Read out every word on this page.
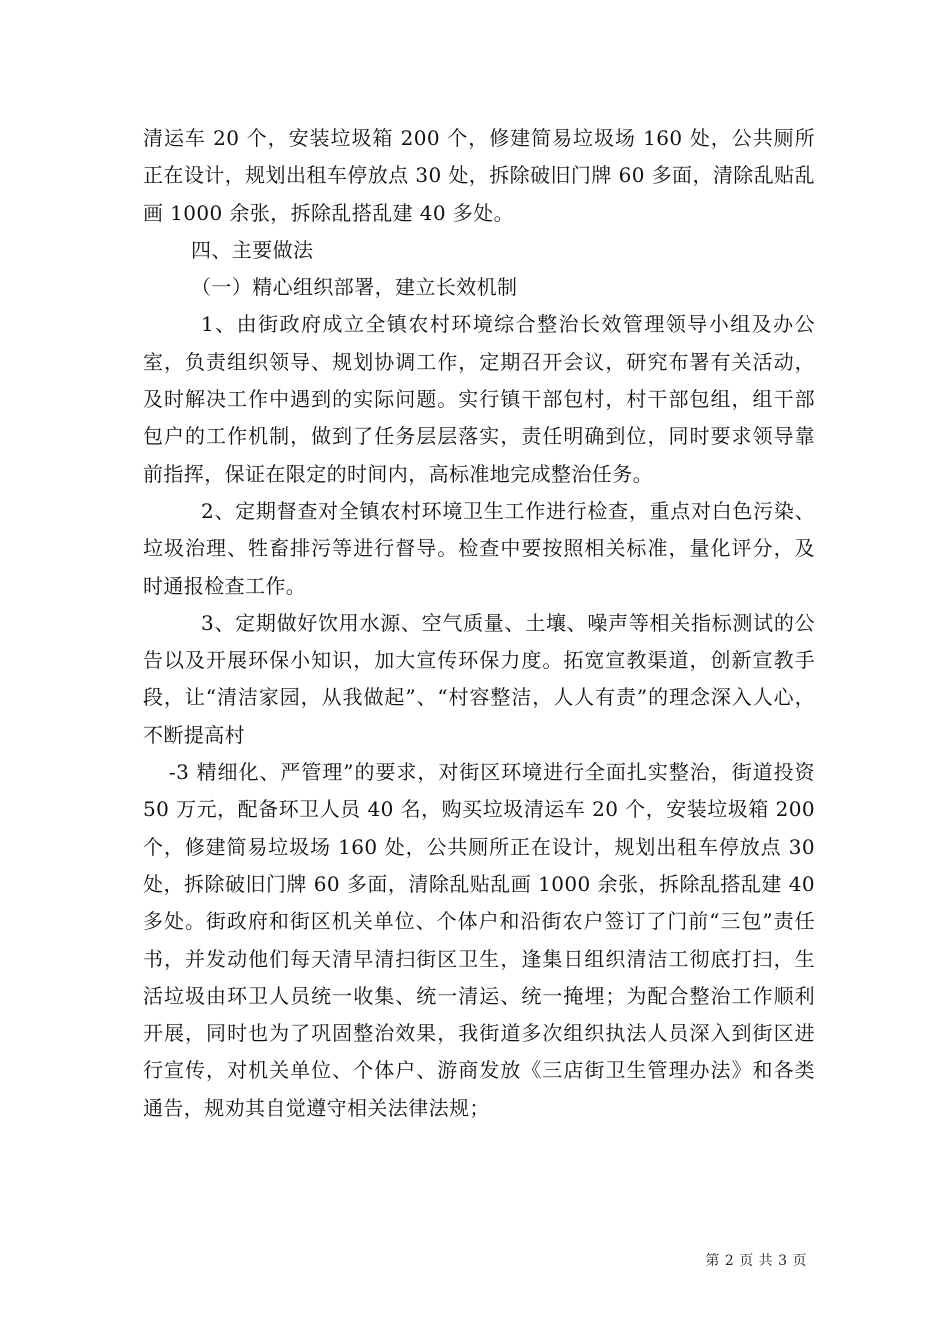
清运车 20 个，安装垃圾箱 200 个，修建简易垃圾场 160 处，公共厕所正在设计，规划出租车停放点 30 处，拆除破旧门牌 60 多面，清除乱贴乱画 1000 余张，拆除乱搭乱建 40 多处。

四、主要做法

（一）精心组织部署，建立长效机制

1、由街政府成立全镇农村环境综合整治长效管理领导小组及办公室，负责组织领导、规划协调工作，定期召开会议，研究布署有关活动，及时解决工作中遇到的实际问题。实行镇干部包村，村干部包组，组干部包户的工作机制，做到了任务层层落实，责任明确到位，同时要求领导靠前指挥，保证在限定的时间内，高标准地完成整治任务。

2、定期督查对全镇农村环境卫生工作进行检查，重点对白色污染、垃圾治理、牲畜排污等进行督导。检查中要按照相关标准，量化评分，及时通报检查工作。

3、定期做好饮用水源、空气质量、土壤、噪声等相关指标测试的公告以及开展环保小知识，加大宣传环保力度。拓宽宣教渠道，创新宣教手段，让“清洁家园，从我做起”、“村容整洁，人人有责”的理念深入人心，不断提高村

-3 精细化、严管理”的要求，对街区环境进行全面扎实整治，街道投资 50 万元，配备环卫人员 40 名，购买垃圾清运车 20 个，安装垃圾箱 200 个，修建简易垃圾场 160 处，公共厕所正在设计，规划出租车停放点 30 处，拆除破旧门牌 60 多面，清除乱贴乱画 1000 余张，拆除乱搭乱建 40 多处。街政府和街区机关单位、个体户和沿街农户签订了门前“三包”责任书，并发动他们每天清早清扫街区卫生，逢集日组织清洁工彻底打扫，生活垃圾由环卫人员统一收集、统一清运、统一掩埋；为配合整治工作顺利开展，同时也为了巩固整治效果，我街道多次组织执法人员深入到街区进行宣传，对机关单位、个体户、游商发放《三店街卫生管理办法》和各类通告，规劝其自觉遵守相关法律法规；

第 2 页 共 3 页
